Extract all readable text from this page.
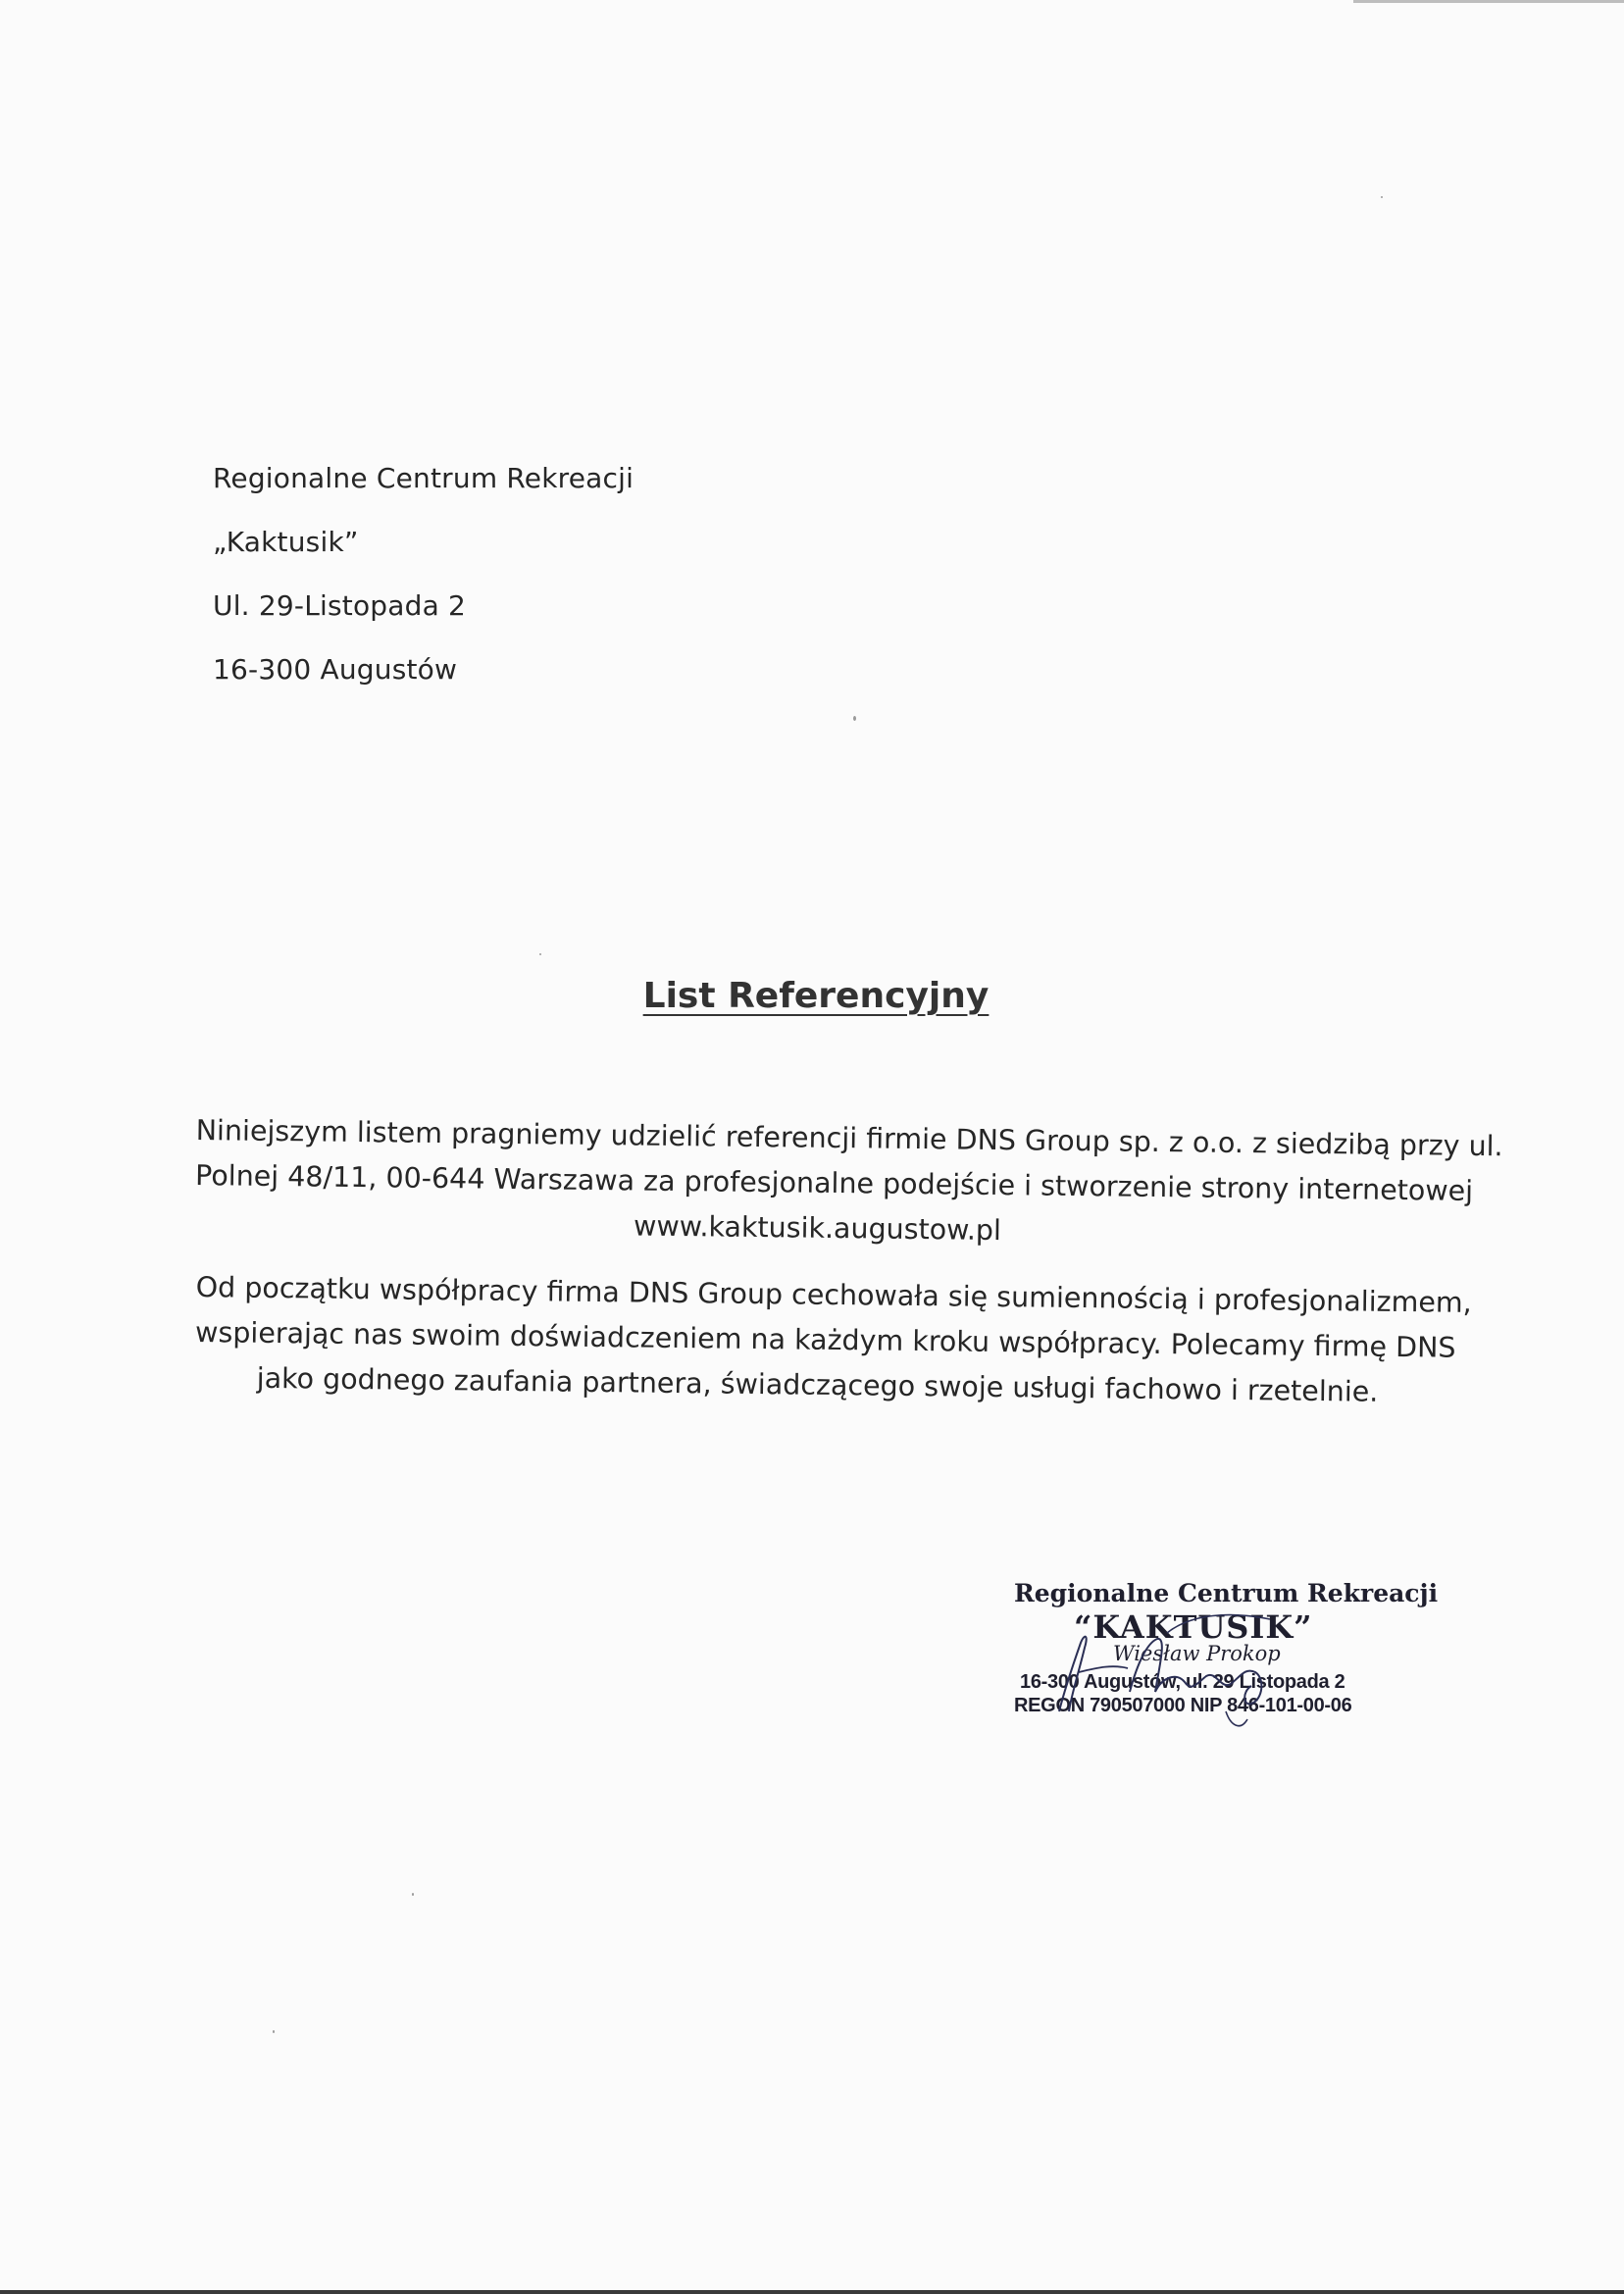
Regionalne Centrum Rekreacji
„Kaktusik”
Ul. 29-Listopada 2
16-300 Augustów
List Referencyjny
Niniejszym listem pragniemy udzielić referencji firmie DNS Group sp. z o.o. z siedzibą przy ul.
Polnej 48/11, 00-644 Warszawa za profesjonalne podejście i stworzenie strony internetowej
www.kaktusik.augustow.pl
Od początku współpracy firma DNS Group cechowała się sumiennością i profesjonalizmem,
wspierając nas swoim doświadczeniem na każdym kroku współpracy. Polecamy firmę DNS
jako godnego zaufania partnera, świadczącego swoje usługi fachowo i rzetelnie.
Regionalne Centrum Rekreacji
“KAKTUSIK”
Wiesław Prokop
16-300 Augustów, ul. 29 Listopada 2
REGON 790507000 NIP 846-101-00-06
